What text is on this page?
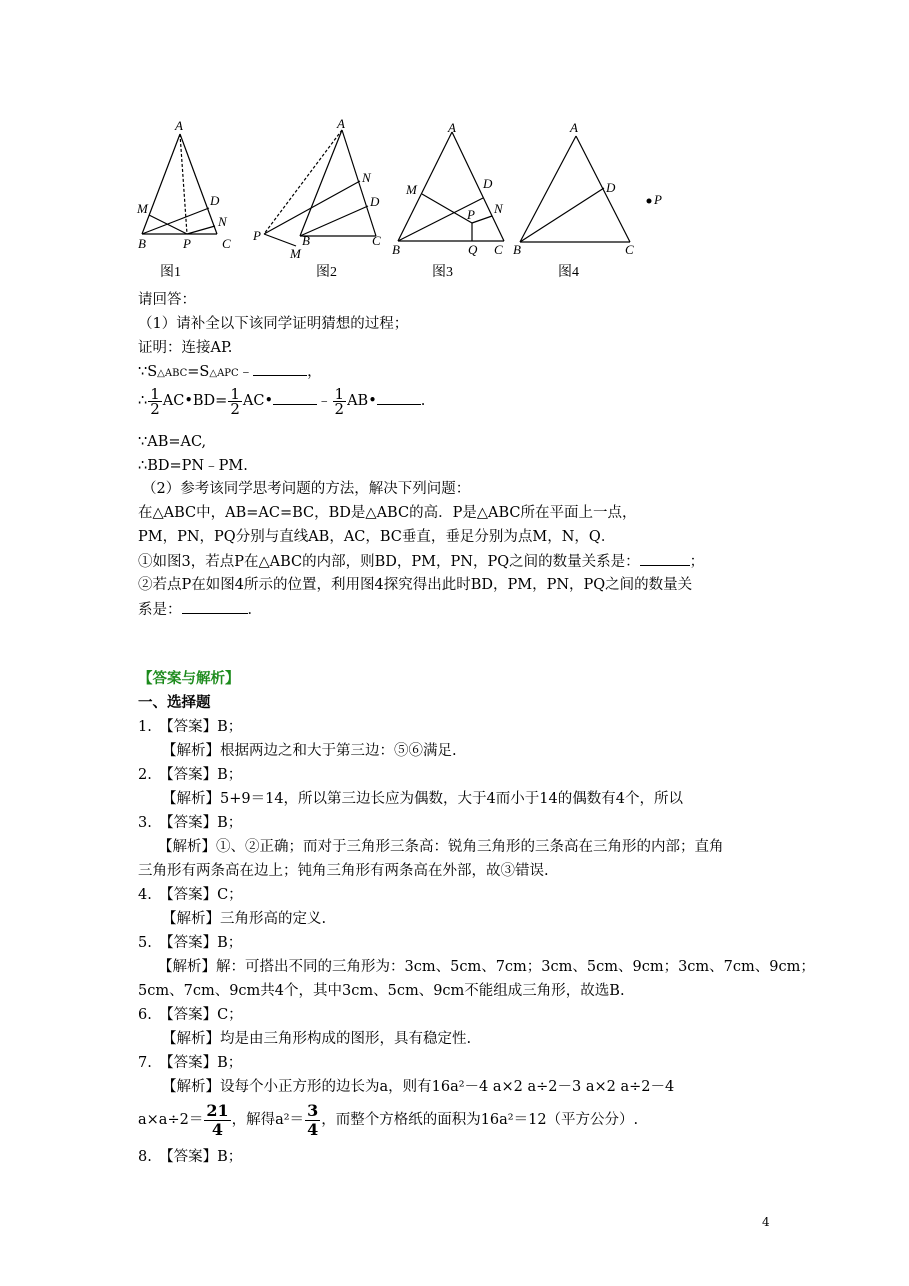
A
M
D
N
B	P C
A
N
D
P	B	C
M
A
M	D
P N
B	Q C
A
D
B	C
P
图1	图2	图3	图4
请回答：
（1）请补全以下该同学证明猜想的过程；
证明：连接AP.
∵S△ABC=S△APC﹣	，
∴ $\frac{1}{2}$ AC•BD= $\frac{1}{2}$ AC•	﹣ $\frac{1}{2}$ AB•	.
∵AB=AC,
∴BD=PN﹣PM.
（2）参考该同学思考问题的方法，解决下列问题：
在△ABC中，AB=AC=BC，BD是△ABC的高．P是△ABC所在平面上一点，
PM，PN，PQ分别与直线AB，AC，BC垂直，垂足分别为点M，N，Q．
①如图3，若点P在△ABC的内部，则BD，PM，PN，PQ之间的数量关系是：	；
②若点P在如图4所示的位置，利用图4探究得出此时BD，PM，PN，PQ之间的数量关
系是：	．
【答案与解析】
一、选择题
1.　【答案】B；
【解析】根据两边之和大于第三边：⑤⑥满足.
2.　【答案】B；
【解析】5+9＝14，所以第三边长应为偶数，大于4而小于14的偶数有4个，所以
3.　【答案】B；
【解析】①、②正确；而对于三角形三条高：锐角三角形的三条高在三角形的内部；直角
三角形有两条高在边上；钝角三角形有两条高在外部，故③错误.
4.　【答案】C；
【解析】三角形高的定义.
5.　【答案】B；
【解析】解：可搭出不同的三角形为：3cm、5cm、7cm；3cm、5cm、9cm；3cm、7cm、9cm；
5cm、7cm、9cm共4个，其中3cm、5cm、9cm不能组成三角形，故选B.
6.　【答案】C；
【解析】均是由三角形构成的图形，具有稳定性.
7.　【答案】B；
【解析】设每个小正方形的边长为a，则有16a²－4 a×2 a÷2－3 a×2 a÷2－4
$a\times a\div 2= \frac{21}{4}$ ，解得$a^2= \frac{3}{4}$ ，而整个方格纸的面积为16a²＝12（平方公分）.
8.　【答案】B；
4
